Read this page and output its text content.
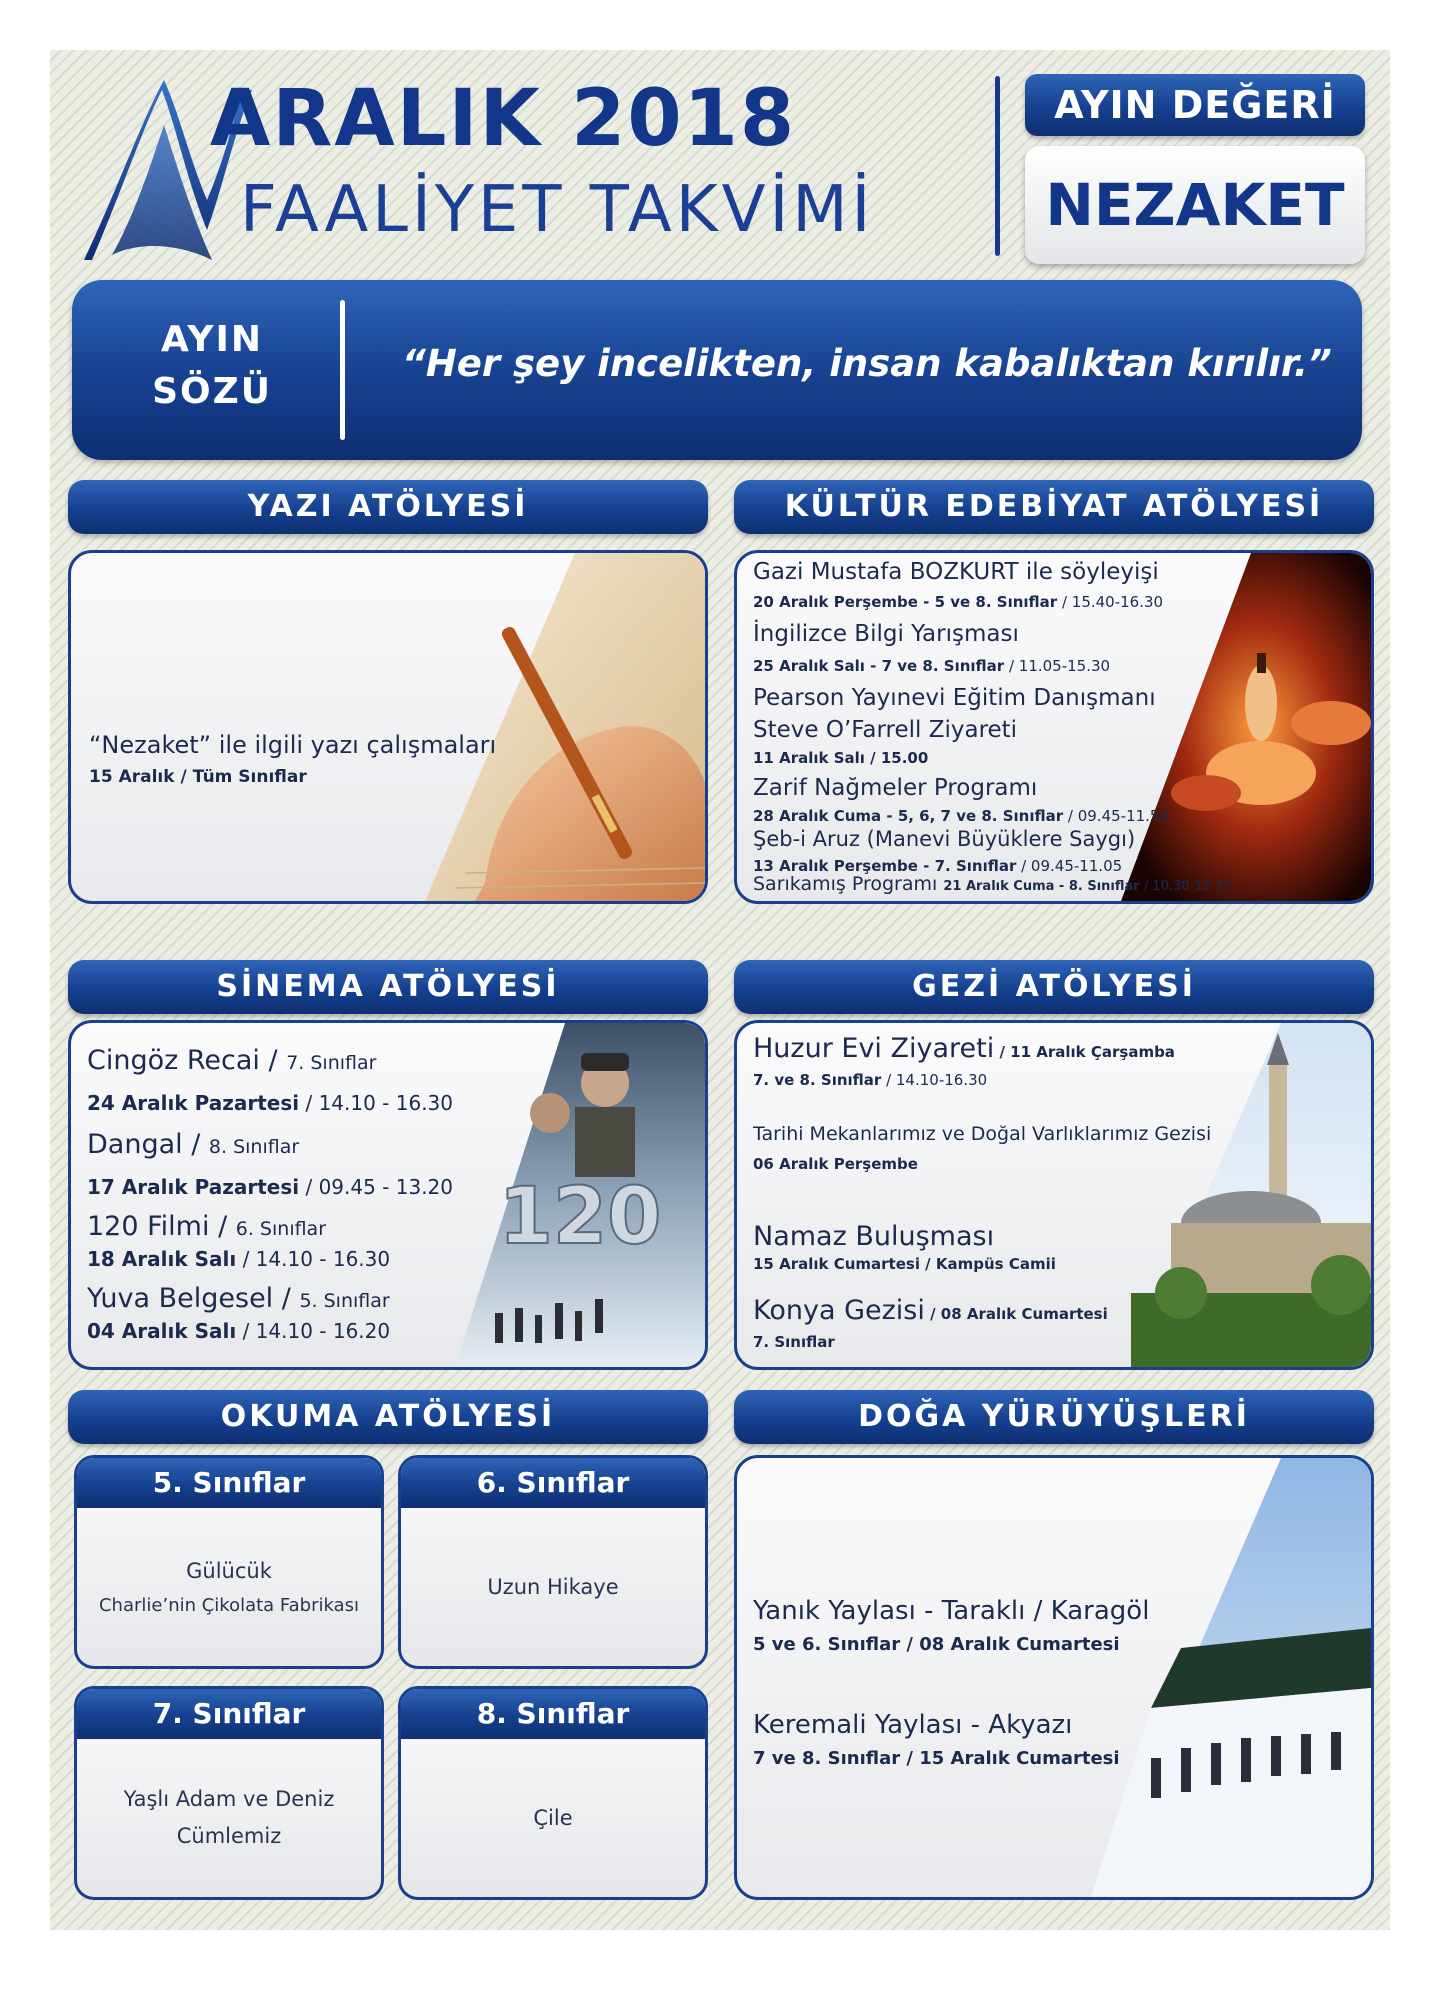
ARALIK 2018
FAALİYET TAKVİMİ
AYIN DEĞERİ
NEZAKET
AYIN
SÖZÜ
“Her şey incelikten, insan kabalıktan kırılır.”
YAZI ATÖLYESİ
“Nezaket” ile ilgili yazı çalışmaları
15 Aralık / Tüm Sınıflar
KÜLTÜR EDEBİYAT ATÖLYESİ
Gazi Mustafa BOZKURT ile söyleyişi
20 Aralık Perşembe - 5 ve 8. Sınıflar / 15.40-16.30
İngilizce Bilgi Yarışması
25 Aralık Salı - 7 ve 8. Sınıflar / 11.05-15.30
Pearson Yayınevi Eğitim Danışmanı
Steve O’Farrell Ziyareti
11 Aralık Salı / 15.00
Zarif Nağmeler Programı
28 Aralık Cuma - 5, 6, 7 ve 8. Sınıflar / 09.45-11.50
Şeb-i Aruz (Manevi Büyüklere Saygı)
13 Aralık Perşembe - 7. Sınıflar / 09.45-11.05
Sarıkamış Programı 21 Aralık Cuma - 8. Sınıflar / 10.30-12.35
SİNEMA ATÖLYESİ
120
Cingöz Recai / 7. Sınıflar
24 Aralık Pazartesi / 14.10 - 16.30
Dangal / 8. Sınıflar
17 Aralık Pazartesi / 09.45 - 13.20
120 Filmi / 6. Sınıflar
18 Aralık Salı / 14.10 - 16.30
Yuva Belgesel / 5. Sınıflar
04 Aralık Salı / 14.10 - 16.20
GEZİ ATÖLYESİ
Huzur Evi Ziyareti / 11 Aralık Çarşamba
7. ve 8. Sınıflar / 14.10-16.30
Tarihi Mekanlarımız ve Doğal Varlıklarımız Gezisi
06 Aralık Perşembe
Namaz Buluşması
15 Aralık Cumartesi / Kampüs Camii
Konya Gezisi / 08 Aralık Cumartesi
7. Sınıflar
OKUMA ATÖLYESİ
5. Sınıflar
Gülücük
Charlie’nin Çikolata Fabrikası
6. Sınıflar
Uzun Hikaye
7. Sınıflar
Yaşlı Adam ve Deniz
Cümlemiz
8. Sınıflar
Çile
DOĞA YÜRÜYÜŞLERİ
Yanık Yaylası - Taraklı / Karagöl
5 ve 6. Sınıflar / 08 Aralık Cumartesi
Keremali Yaylası - Akyazı
7 ve 8. Sınıflar / 15 Aralık Cumartesi
